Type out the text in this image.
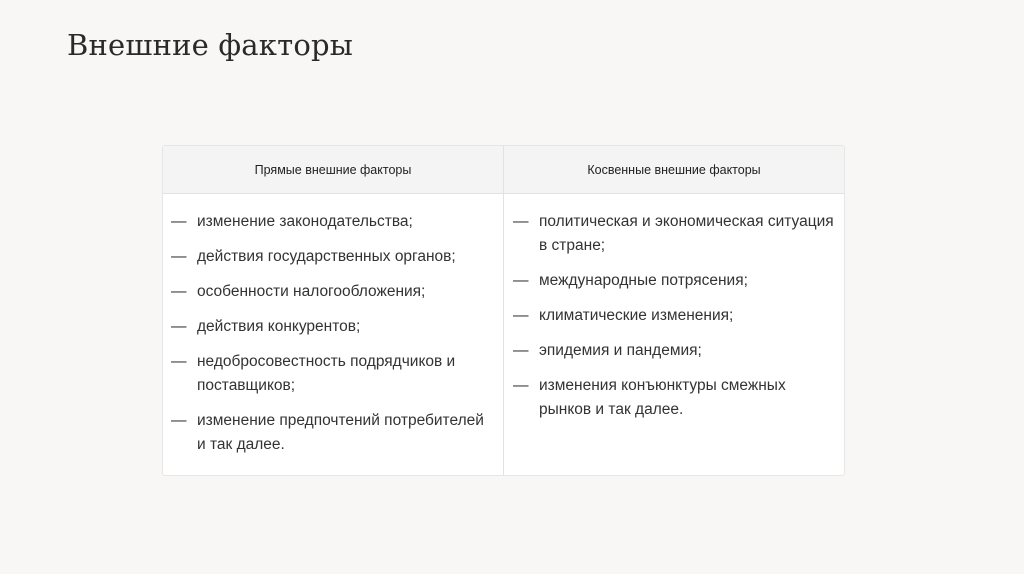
Внешние факторы
Прямые внешние факторы
— изменение законодательства;
— действия государственных органов;
— особенности налогообложения;
— действия конкурентов;
— недобросовестность подрядчиков и поставщиков;
— изменение предпочтений потребителей и так далее.
Косвенные внешние факторы
— политическая и экономическая ситуация в стране;
— международные потрясения;
— климатические изменения;
— эпидемия и пандемия;
— изменения конъюнктуры смежных рынков и так далее.
